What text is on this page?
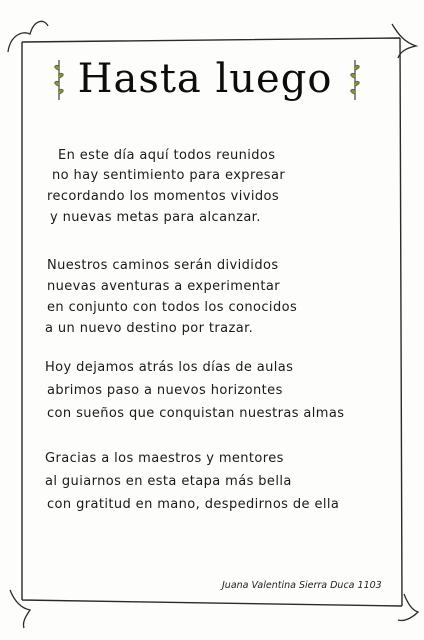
Hasta luego
En este día aquí todos reunidos
no hay sentimiento para expresar
recordando los momentos vividos
y nuevas metas para alcanzar.
Nuestros caminos serán divididos
nuevas aventuras a experimentar
en conjunto con todos los conocidos
a un nuevo destino por trazar.
Hoy dejamos atrás los días de aulas
abrimos paso a nuevos horizontes
con sueños que conquistan nuestras almas
Gracias a los maestros y mentores
al guiarnos en esta etapa más bella
con gratitud en mano, despedirnos de ella
Juana Valentina Sierra Duca 1103
